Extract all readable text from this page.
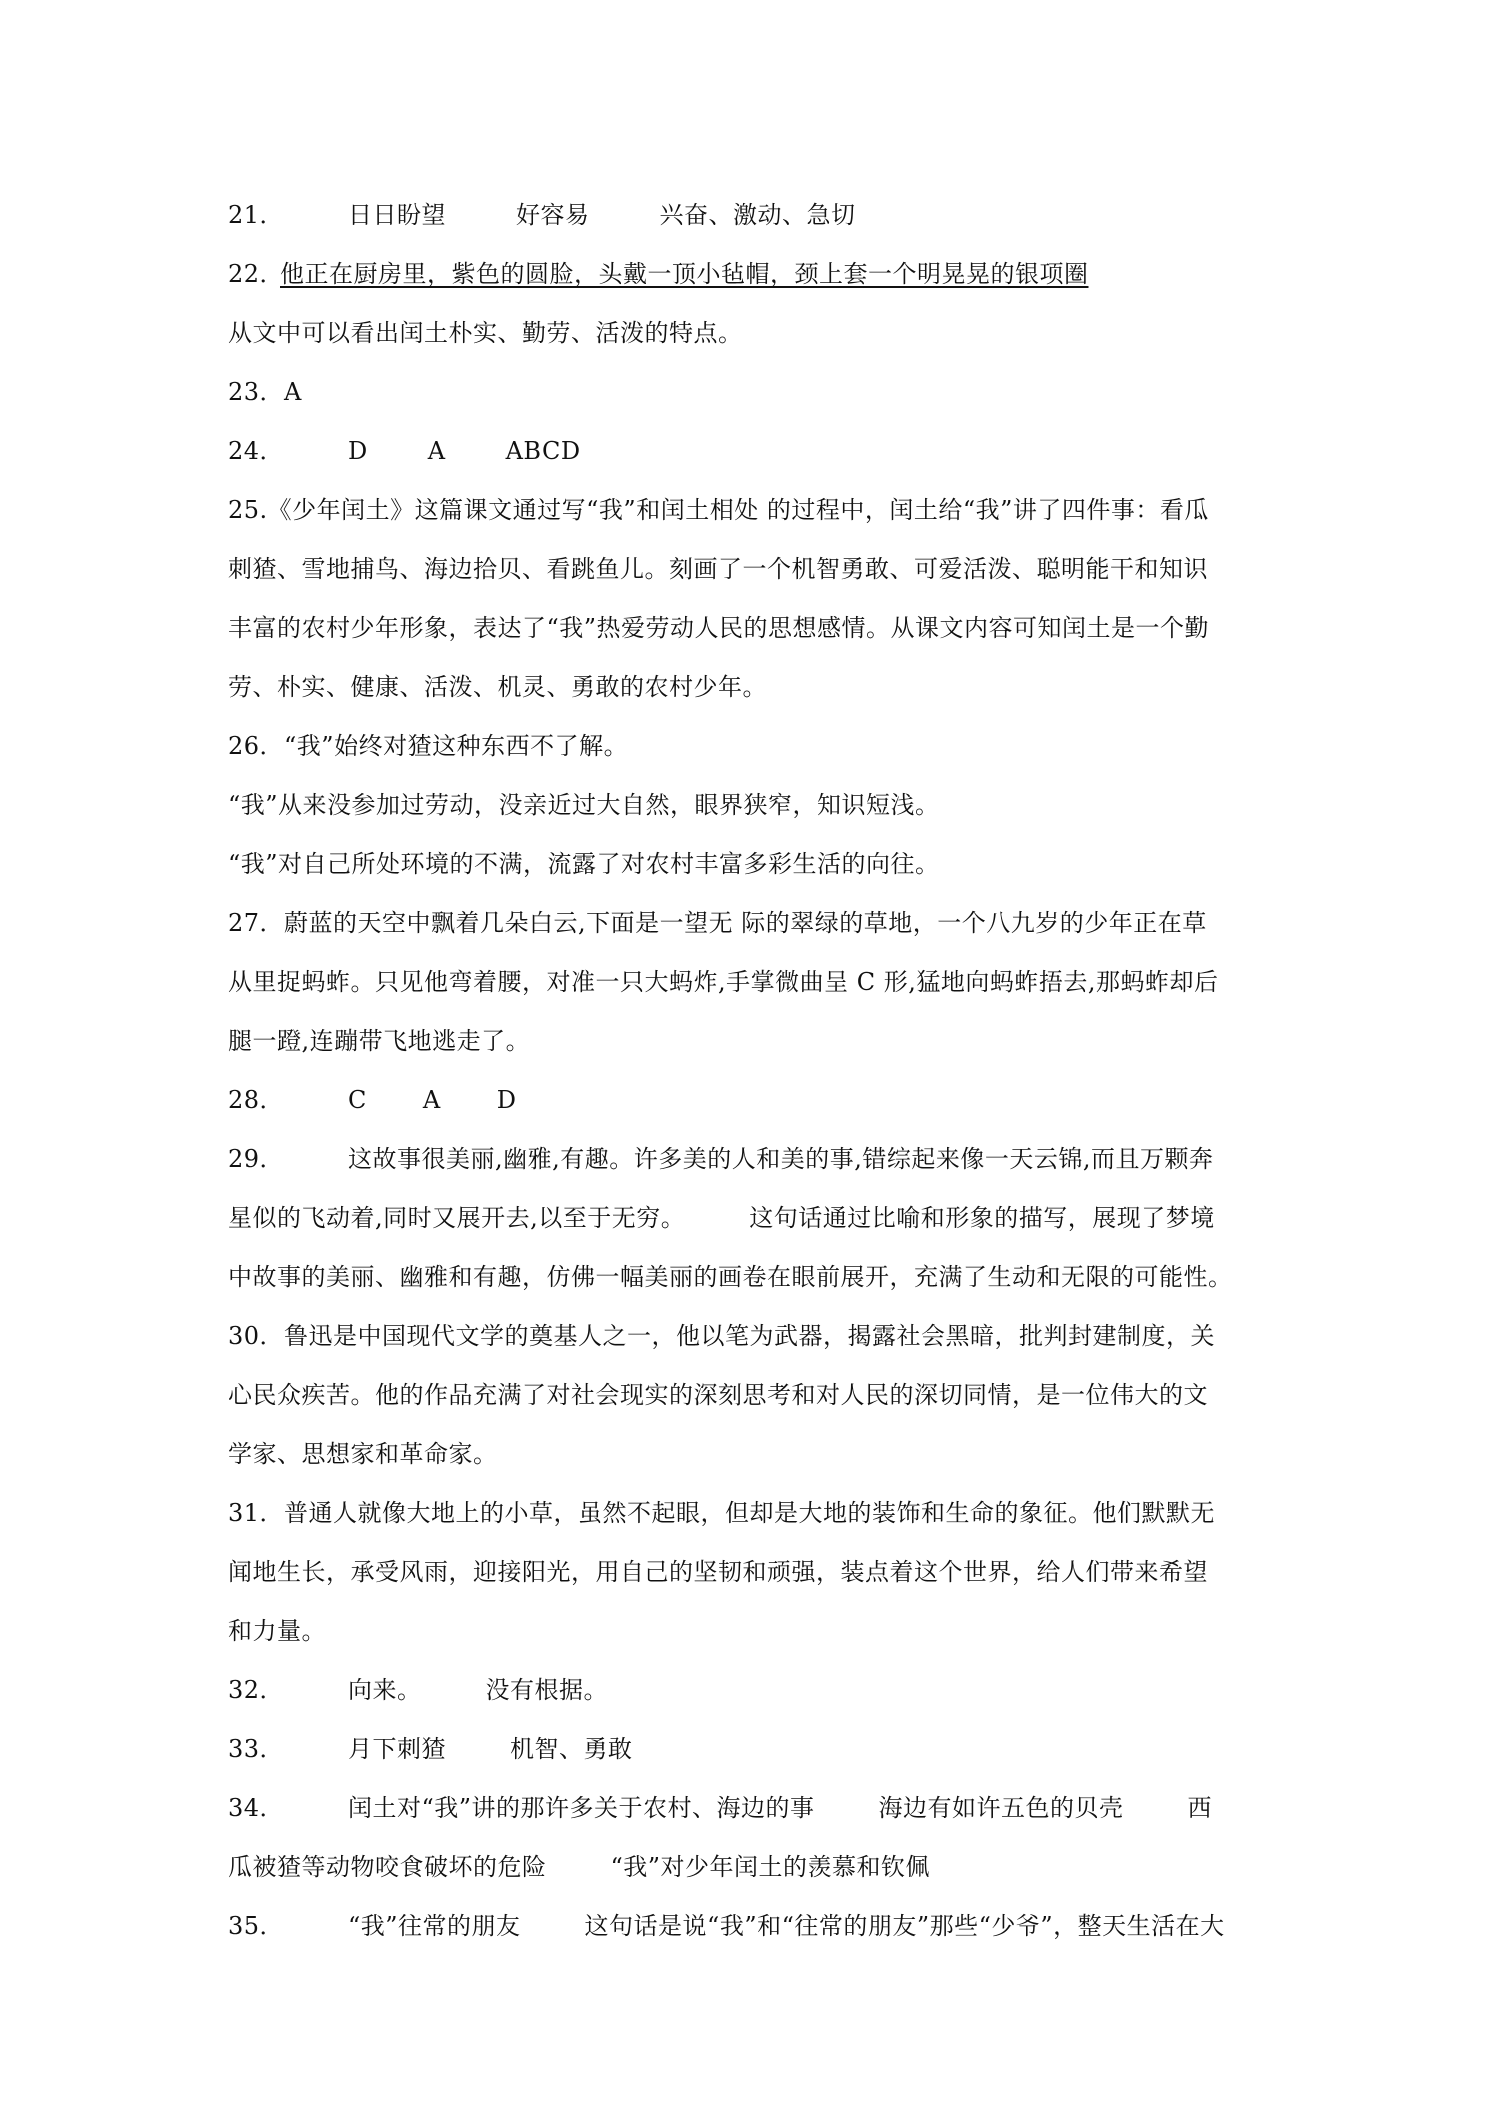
21．	日日盼望	好容易	兴奋、激动、急切
22．他正在厨房里，紫色的圆脸，头戴一顶小毡帽，颈上套一个明晃晃的银项圈
从文中可以看出闰土朴实、勤劳、活泼的特点。
23．A
24．	D	A	ABCD
25.《少年闰土》这篇课文通过写“我”和闰土相处 的过程中，闰土给“我”讲了四件事：看瓜
刺猹、雪地捕鸟、海边拾贝、看跳鱼儿。刻画了一个机智勇敢、可爱活泼、聪明能干和知识
丰富的农村少年形象，表达了“我”热爱劳动人民的思想感情。从课文内容可知闰土是一个勤
劳、朴实、健康、活泼、机灵、勇敢的农村少年。
26．“我”始终对猹这种东西不了解。
“我”从来没参加过劳动，没亲近过大自然，眼界狭窄，知识短浅。
“我”对自己所处环境的不满，流露了对农村丰富多彩生活的向往。
27．蔚蓝的天空中飘着几朵白云,下面是一望无 际的翠绿的草地，一个八九岁的少年正在草
从里捉蚂蚱。只见他弯着腰，对准一只大蚂炸,手掌微曲呈 C 形,猛地向蚂蚱捂去,那蚂蚱却后
腿一蹬,连蹦带飞地逃走了。
28．	C A D
29．	这故事很美丽,幽雅,有趣。许多美的人和美的事,错综起来像一天云锦,而且万颗奔
星似的飞动着,同时又展开去,以至于无穷。	这句话通过比喻和形象的描写，展现了梦境
中故事的美丽、幽雅和有趣，仿佛一幅美丽的画卷在眼前展开，充满了生动和无限的可能性。
30．鲁迅是中国现代文学的奠基人之一，他以笔为武器，揭露社会黑暗，批判封建制度，关
心民众疾苦。他的作品充满了对社会现实的深刻思考和对人民的深切同情，是一位伟大的文
学家、思想家和革命家。
31．普通人就像大地上的小草，虽然不起眼，但却是大地的装饰和生命的象征。他们默默无
闻地生长，承受风雨，迎接阳光，用自己的坚韧和顽强，装点着这个世界，给人们带来希望
和力量。
32．	向来。	没有根据。
33．	月下刺猹	机智、勇敢
34．	闰土对“我”讲的那许多关于农村、海边的事	海边有如许五色的贝壳	西
瓜被猹等动物咬食破坏的危险	“我”对少年闰土的羡慕和钦佩
35．	“我”往常的朋友	这句话是说“我”和“往常的朋友”那些“少爷”，整天生活在大
